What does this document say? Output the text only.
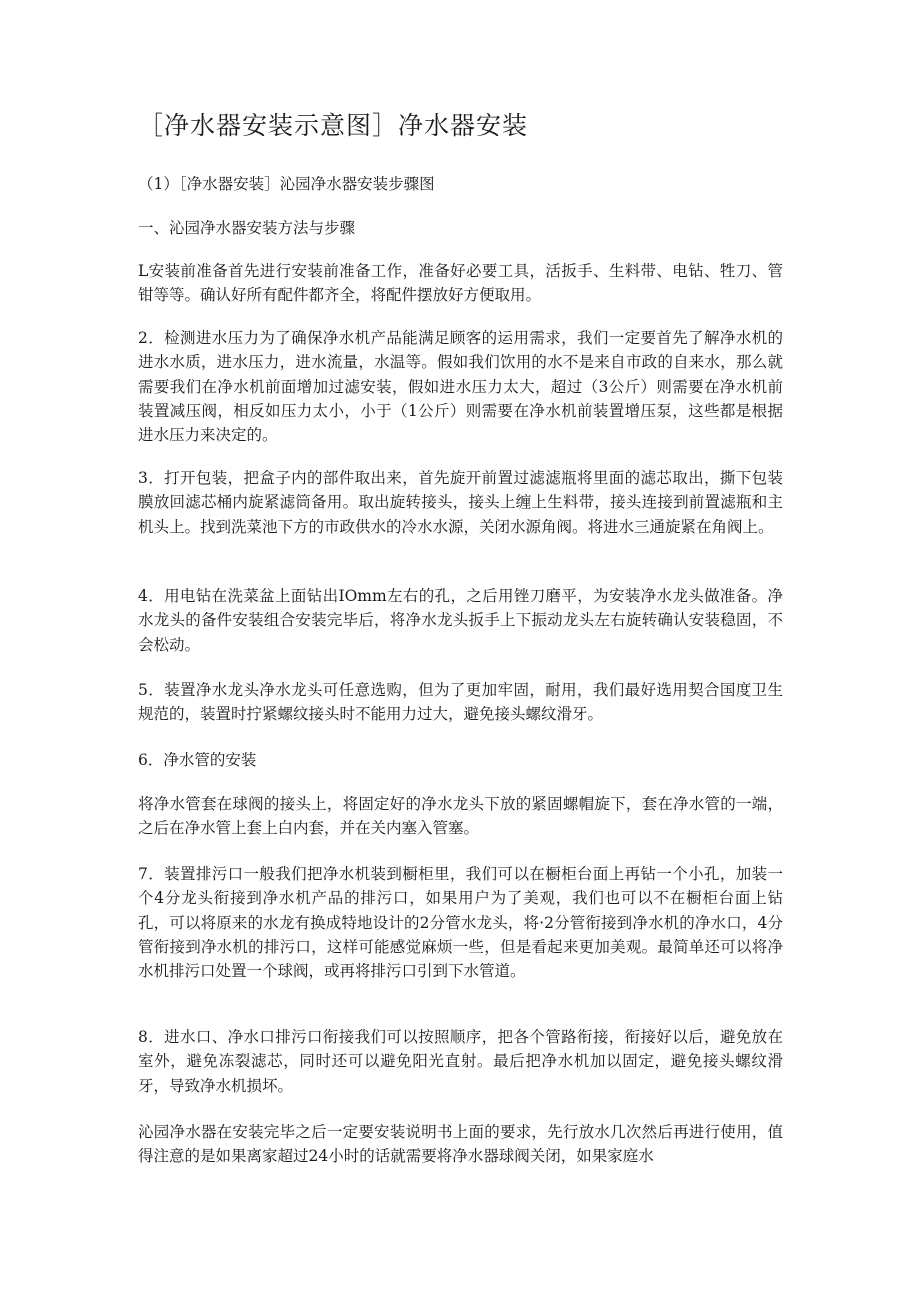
［净水器安装示意图］净水器安装

（1）［净水器安装］沁园净水器安装步骤图

一、沁园净水器安装方法与步骤

L安装前准备首先进行安装前准备工作，准备好必要工具，活扳手、生料带、电钻、牲刀、管钳等等。确认好所有配件都齐全，将配件摆放好方便取用。

2．检测进水压力为了确保净水机产品能满足顾客的运用需求，我们一定要首先了解净水机的进水水质，进水压力，进水流量，水温等。假如我们饮用的水不是来自市政的自来水，那么就需要我们在净水机前面增加过滤安装，假如进水压力太大，超过（3公斤）则需要在净水机前装置减压阀，相反如压力太小，小于（1公斤）则需要在净水机前装置增压泵，这些都是根据进水压力来决定的。

3．打开包装，把盒子内的部件取出来，首先旋开前置过滤滤瓶将里面的滤芯取出，撕下包装膜放回滤芯桶内旋紧滤筒备用。取出旋转接头，接头上缠上生料带，接头连接到前置滤瓶和主机头上。找到洗菜池下方的市政供水的冷水水源，关闭水源角阀。将进水三通旋紧在角阀上。

4．用电钻在洗菜盆上面钻出IOmm左右的孔，之后用锉刀磨平，为安装净水龙头做准备。净水龙头的备件安装组合安装完毕后，将净水龙头扳手上下振动龙头左右旋转确认安装稳固，不会松动。

5．装置净水龙头净水龙头可任意选购，但为了更加牢固，耐用，我们最好选用契合国度卫生规范的，装置时拧紧螺纹接头时不能用力过大，避免接头螺纹滑牙。

6．净水管的安装

将净水管套在球阀的接头上，将固定好的净水龙头下放的紧固螺帽旋下，套在净水管的一端，之后在净水管上套上白内套，并在关内塞入管塞。

7．装置排污口一般我们把净水机装到橱柜里，我们可以在橱柜台面上再钻一个小孔，加装一个4分龙头衔接到净水机产品的排污口，如果用户为了美观，我们也可以不在橱柜台面上钻孔，可以将原来的水龙有换成特地设计的2分管水龙头，将·2分管衔接到净水机的净水口，4分管衔接到净水机的排污口，这样可能感觉麻烦一些，但是看起来更加美观。最简单还可以将净水机排污口处置一个球阀，或再将排污口引到下水管道。

8．进水口、净水口排污口衔接我们可以按照顺序，把各个管路衔接，衔接好以后，避免放在室外，避免冻裂滤芯，同时还可以避免阳光直射。最后把净水机加以固定，避免接头螺纹滑牙，导致净水机损坏。

沁园净水器在安装完毕之后一定要安装说明书上面的要求，先行放水几次然后再进行使用，值得注意的是如果离家超过24小时的话就需要将净水器球阀关闭，如果家庭水
